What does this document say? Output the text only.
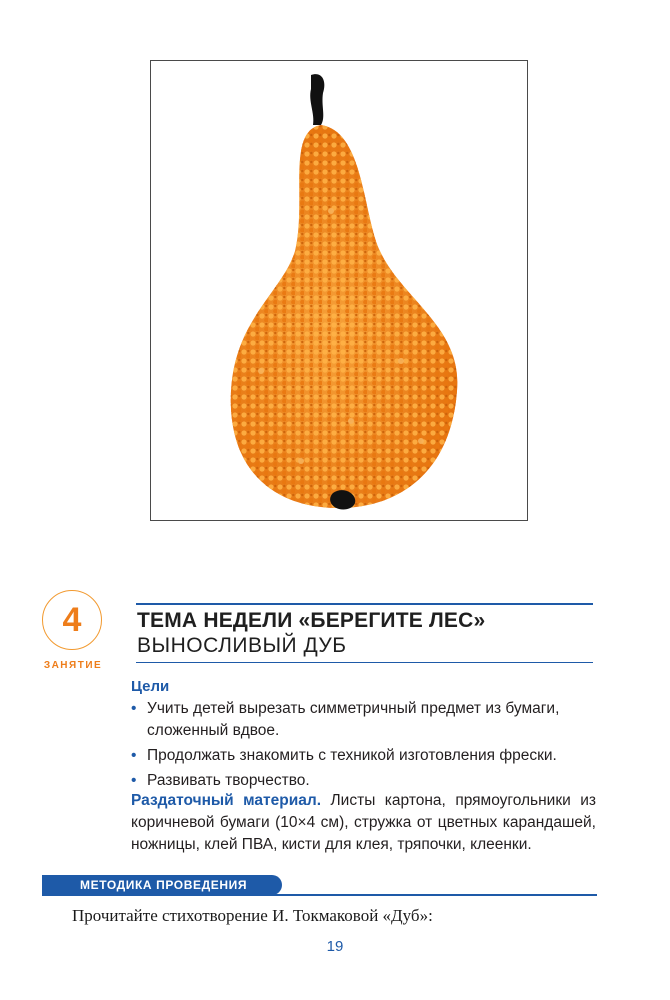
4
ЗАНЯТИЕ
ТЕМА НЕДЕЛИ «БЕРЕГИТЕ ЛЕС»
ВЫНОСЛИВЫЙ ДУБ
Цели
• Учить детей вырезать симметричный предмет из бумаги, сложенный вдвое.
• Продолжать знакомить с техникой изготовления фрески.
• Развивать творчество.

Раздаточный материал. Листы картона, прямоугольники из коричневой бумаги (10×4 см), стружка от цветных карандашей, ножницы, клей ПВА, кисти для клея, тряпочки, клеенки.

МЕТОДИКА ПРОВЕДЕНИЯ
Прочитайте стихотворение И. Токмаковой «Дуб»:
19
